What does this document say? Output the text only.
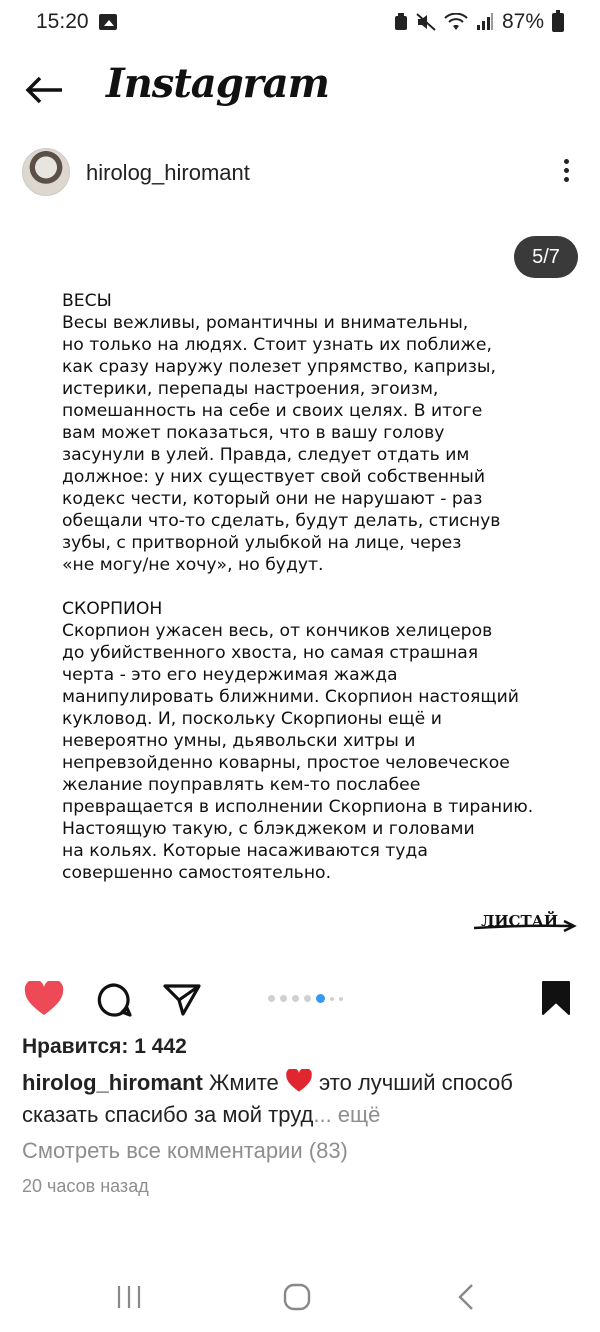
15:20	87%
Instagram
hirolog_hiromant
5/7

ВЕСЫ
Весы вежливы, романтичны и внимательны,
но только на людях. Стоит узнать их поближе,
как сразу наружу полезет упрямство, капризы,
истерики, перепады настроения, эгоизм,
помешанность на себе и своих целях. В итоге
вам может показаться, что в вашу голову
засунули в улей. Правда, следует отдать им
должное: у них существует свой собственный
кодекс чести, который они не нарушают - раз
обещали что-то сделать, будут делать, стиснув
зубы, с притворной улыбкой на лице, через
«не могу/не хочу», но будут.

СКОРПИОН
Скорпион ужасен весь, от кончиков хелицеров
до убийственного хвоста, но самая страшная
черта - это его неудержимая жажда
манипулировать ближними. Скорпион настоящий
кукловод. И, поскольку Скорпионы ещё и
невероятно умны, дьявольски хитры и
непревзойденно коварны, простое человеческое
желание поуправлять кем-то послабее
превращается в исполнении Скорпиона в тиранию.
Настоящую такую, с блэкджеком и головами
на кольях. Которые насаживаются туда
совершенно самостоятельно.

ЛИСТАЙ
Нравится: 1 442
hirolog_hiromant Жмите  это лучший способ сказать спасибо за мой труд... ещё
Смотреть все комментарии (83)
20 часов назад
